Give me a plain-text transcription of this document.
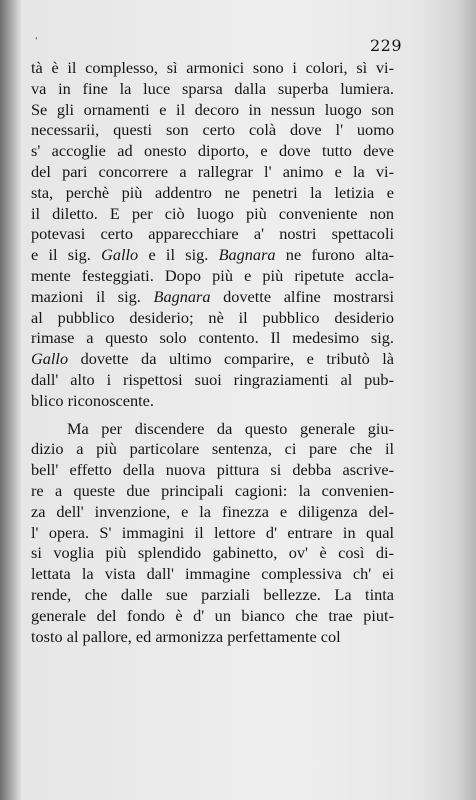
'	229
tà è il complesso, sì armonici sono i colori, sì vi-
va in fine la luce sparsa dalla superba lumiera.
Se gli ornamenti e il decoro in nessun luogo son
necessarii, questi son certo colà dove l' uomo
s' accoglie ad onesto diporto, e dove tutto deve
del pari concorrere a rallegrar l' animo e la vi-
sta, perchè più addentro ne penetri la letizia e
il diletto. E per ciò luogo più conveniente non
potevasi certo apparecchiare a' nostri spettacoli
e il sig. Gallo e il sig. Bagnara ne furono alta-
mente festeggiati. Dopo più e più ripetute accla-
mazioni il sig. Bagnara dovette alfine mostrarsi
al pubblico desiderio; nè il pubblico desiderio
rimase a questo solo contento. Il medesimo sig.
Gallo dovette da ultimo comparire, e tributò là
dall' alto i rispettosi suoi ringraziamenti al pub-
blico riconoscente.
Ma per discendere da questo generale giu-
dizio a più particolare sentenza, ci pare che il
bell' effetto della nuova pittura si debba ascrive-
re a queste due principali cagioni: la convenien-
za dell' invenzione, e la finezza e diligenza del-
l' opera. S' immagini il lettore d' entrare in qual
si voglia più splendido gabinetto, ov' è così di-
lettata la vista dall' immagine complessiva ch' ei
rende, che dalle sue parziali bellezze. La tinta
generale del fondo è d' un bianco che trae piut-
tosto al pallore, ed armonizza perfettamente col
